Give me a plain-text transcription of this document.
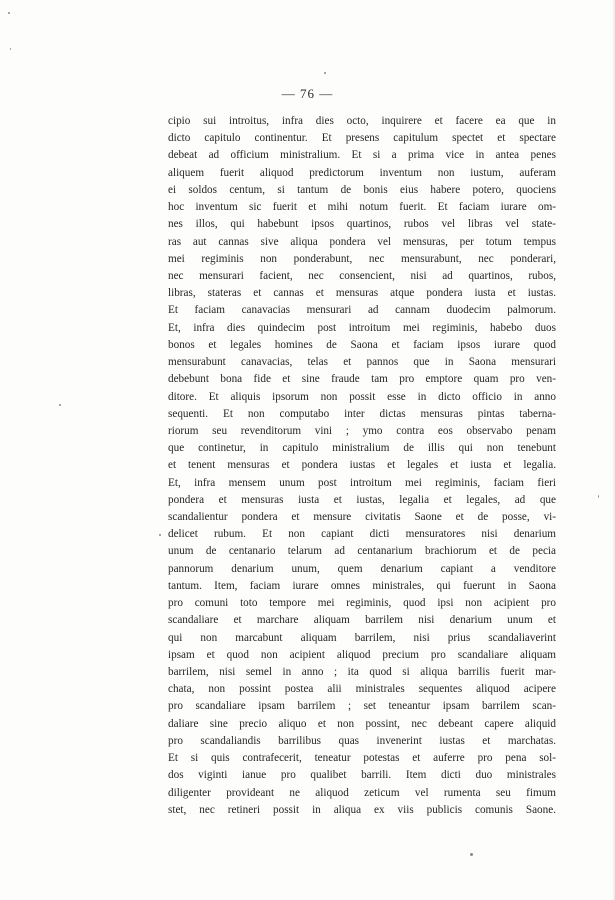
— 76 —
cipio sui introitus, infra dies octo, inquirere et facere ea que in
dicto capitulo continentur. Et presens capitulum spectet et spectare
debeat ad officium ministralium. Et si a prima vice in antea penes
aliquem fuerit aliquod predictorum inventum non iustum, auferam
ei soldos centum, si tantum de bonis eius habere potero, quociens
hoc inventum sic fuerit et mihi notum fuerit. Et faciam iurare om-
nes illos, qui habebunt ipsos quartinos, rubos vel libras vel state-
ras aut cannas sive aliqua pondera vel mensuras, per totum tempus
mei regiminis non ponderabunt, nec mensurabunt, nec ponderari,
nec mensurari facient, nec consencient, nisi ad quartinos, rubos,
libras, stateras et cannas et mensuras atque pondera iusta et iustas.
Et faciam canavacias mensurari ad cannam duodecim palmorum.
Et, infra dies quindecim post introitum mei regiminis, habebo duos
bonos et legales homines de Saona et faciam ipsos iurare quod
mensurabunt canavacias, telas et pannos que in Saona mensurari
debebunt bona fide et sine fraude tam pro emptore quam pro ven-
ditore. Et aliquis ipsorum non possit esse in dicto officio in anno
sequenti. Et non computabo inter dictas mensuras pintas taberna-
riorum seu revenditorum vini ; ymo contra eos observabo penam
que continetur, in capitulo ministralium de illis qui non tenebunt
et tenent mensuras et pondera iustas et legales et iusta et legalia.
Et, infra mensem unum post introitum mei regiminis, faciam fieri
pondera et mensuras iusta et iustas, legalia et legales, ad que
scandalientur pondera et mensure civitatis Saone et de posse, vi-
delicet rubum. Et non capiant dicti mensuratores nisi denarium
unum de centanario telarum ad centanarium brachiorum et de pecia
pannorum denarium unum, quem denarium capiant a venditore
tantum. Item, faciam iurare omnes ministrales, qui fuerunt in Saona
pro comuni toto tempore mei regiminis, quod ipsi non acipient pro
scandaliare et marchare aliquam barrilem nisi denarium unum et
qui non marcabunt aliquam barrilem, nisi prius scandaliaverint
ipsam et quod non acipient aliquod precium pro scandaliare aliquam
barrilem, nisi semel in anno ; ita quod si aliqua barrilis fuerit mar-
chata, non possint postea alii ministrales sequentes aliquod acipere
pro scandaliare ipsam barrilem ; set teneantur ipsam barrilem scan-
daliare sine precio aliquo et non possint, nec debeant capere aliquid
pro scandaliandis barrilibus quas invenerint iustas et marchatas.
Et si quis contrafecerit, teneatur potestas et auferre pro pena sol-
dos viginti ianue pro qualibet barrili. Item dicti duo ministrales
diligenter provideant ne aliquod zeticum vel rumenta seu fimum
stet, nec retineri possit in aliqua ex viis publicis comunis Saone.
